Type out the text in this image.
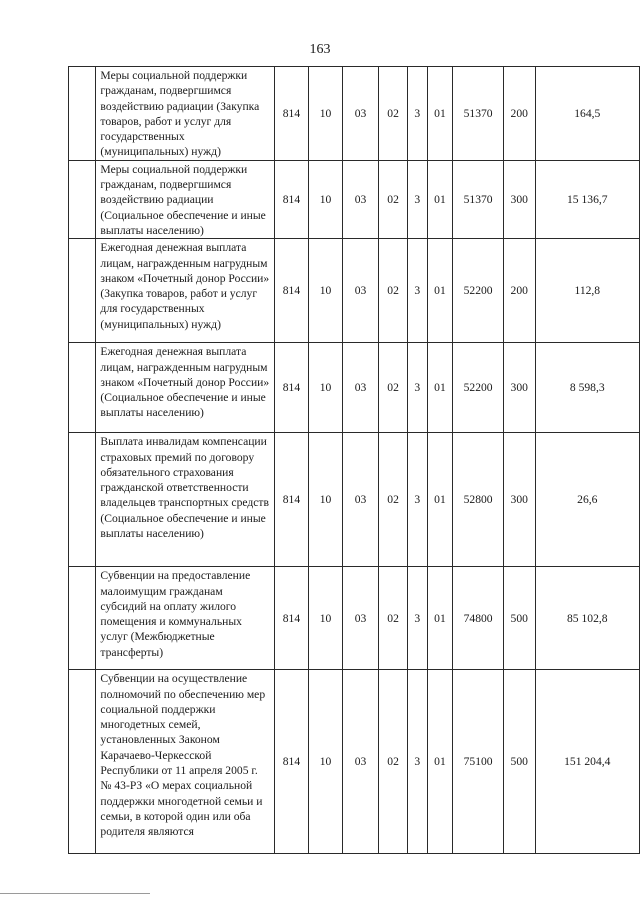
163
	Меры социальной поддержки гражданам, подвергшимся воздействию радиации (Закупка товаров, работ и услуг для государственных (муниципальных) нужд)	814	10	03	02	3	01	51370	200	164,5
	Меры социальной поддержки гражданам, подвергшимся воздействию радиации (Социальное обеспечение и иные выплаты населению)	814	10	03	02	3	01	51370	300	15 136,7
	Ежегодная денежная выплата лицам, награжденным нагрудным знаком «Почетный донор России» (Закупка товаров, работ и услуг для государственных (муниципальных) нужд)	814	10	03	02	3	01	52200	200	112,8
	Ежегодная денежная выплата лицам, награжденным нагрудным знаком «Почетный донор России» (Социальное обеспечение и иные выплаты населению)	814	10	03	02	3	01	52200	300	8 598,3
	Выплата инвалидам компенсации страховых премий по договору обязательного страхования гражданской ответственности владельцев транспортных средств (Социальное обеспечение и иные выплаты населению)	814	10	03	02	3	01	52800	300	26,6
	Субвенции на предоставление малоимущим гражданам субсидий на оплату жилого помещения и коммунальных услуг (Межбюджетные трансферты)	814	10	03	02	3	01	74800	500	85 102,8
	Субвенции на осуществление полномочий по обеспечению мер социальной поддержки многодетных семей, установленных Законом Карачаево-Черкесской Республики от 11 апреля 2005 г. № 43-РЗ «О мерах социальной поддержки многодетной семьи и семьи, в которой один или оба родителя являются	814	10	03	02	3	01	75100	500	151 204,4
